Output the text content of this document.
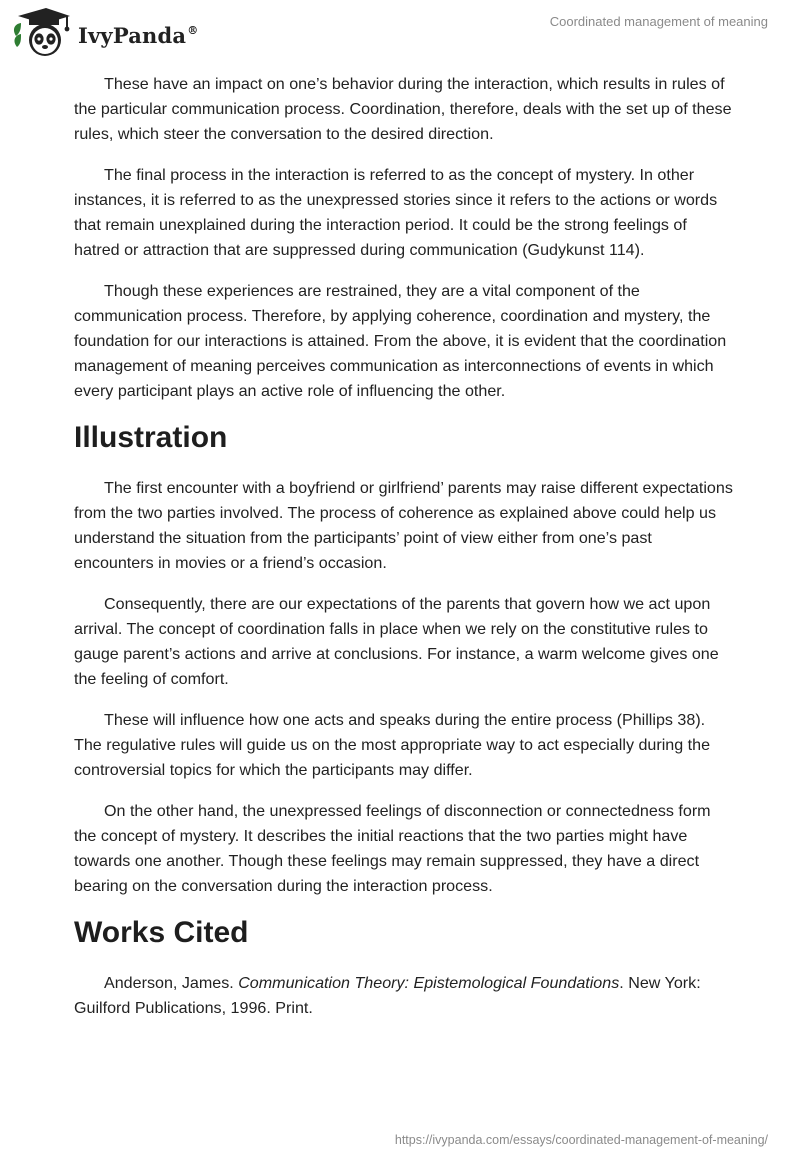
IvyPanda®
Coordinated management of meaning

These have an impact on one’s behavior during the interaction, which results in rules of the particular communication process. Coordination, therefore, deals with the set up of these rules, which steer the conversation to the desired direction.

The final process in the interaction is referred to as the concept of mystery. In other instances, it is referred to as the unexpressed stories since it refers to the actions or words that remain unexplained during the interaction period. It could be the strong feelings of hatred or attraction that are suppressed during communication (Gudykunst 114).

Though these experiences are restrained, they are a vital component of the communication process. Therefore, by applying coherence, coordination and mystery, the foundation for our interactions is attained. From the above, it is evident that the coordination management of meaning perceives communication as interconnections of events in which every participant plays an active role of influencing the other.

Illustration

The first encounter with a boyfriend or girlfriend’ parents may raise different expectations from the two parties involved. The process of coherence as explained above could help us understand the situation from the participants’ point of view either from one’s past encounters in movies or a friend’s occasion.

Consequently, there are our expectations of the parents that govern how we act upon arrival. The concept of coordination falls in place when we rely on the constitutive rules to gauge parent’s actions and arrive at conclusions. For instance, a warm welcome gives one the feeling of comfort.

These will influence how one acts and speaks during the entire process (Phillips 38). The regulative rules will guide us on the most appropriate way to act especially during the controversial topics for which the participants may differ.

On the other hand, the unexpressed feelings of disconnection or connectedness form the concept of mystery. It describes the initial reactions that the two parties might have towards one another. Though these feelings may remain suppressed, they have a direct bearing on the conversation during the interaction process.

Works Cited

Anderson, James. Communication Theory: Epistemological Foundations. New York: Guilford Publications, 1996. Print.

https://ivypanda.com/essays/coordinated-management-of-meaning/
